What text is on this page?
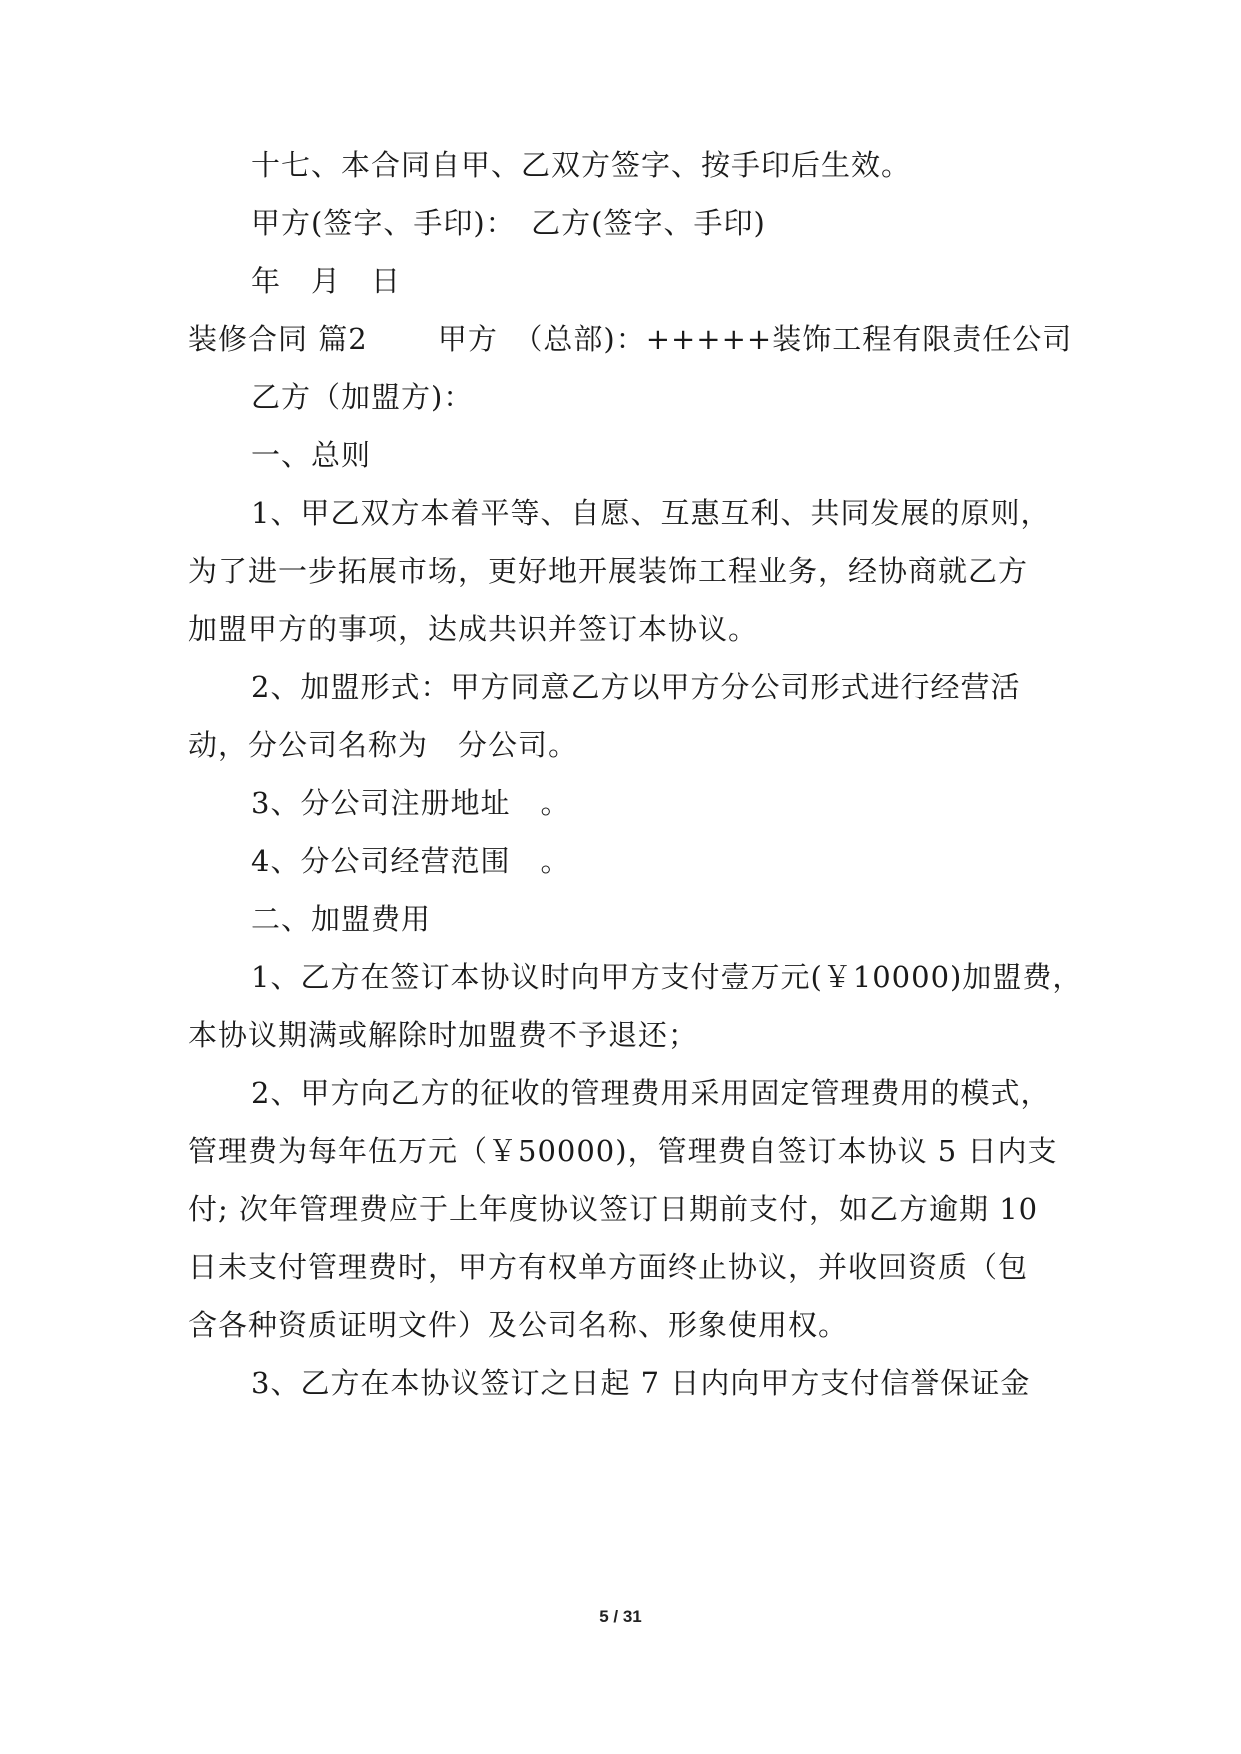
十七、本合同自甲、乙双方签字、按手印后生效。
甲方(签字、手印)：　乙方(签字、手印)
年　月　日
装修合同 篇2　　 甲方　（总部)：+++++装饰工程有限责任公司
乙方（加盟方)：
一、总则
1、甲乙双方本着平等、自愿、互惠互利、共同发展的原则，
为了进一步拓展市场，更好地开展装饰工程业务，经协商就乙方
加盟甲方的事项，达成共识并签订本协议。
2、加盟形式：甲方同意乙方以甲方分公司形式进行经营活
动，分公司名称为　分公司。
3、分公司注册地址　。
4、分公司经营范围　。
二、加盟费用
1、乙方在签订本协议时向甲方支付壹万元(￥10000)加盟费，
本协议期满或解除时加盟费不予退还；
2、甲方向乙方的征收的管理费用采用固定管理费用的模式，
管理费为每年伍万元（￥50000)，管理费自签订本协议 5 日内支
付; 次年管理费应于上年度协议签订日期前支付，如乙方逾期 10
日未支付管理费时，甲方有权单方面终止协议，并收回资质（包
含各种资质证明文件）及公司名称、形象使用权。
3、乙方在本协议签订之日起 7 日内向甲方支付信誉保证金
5 / 31
